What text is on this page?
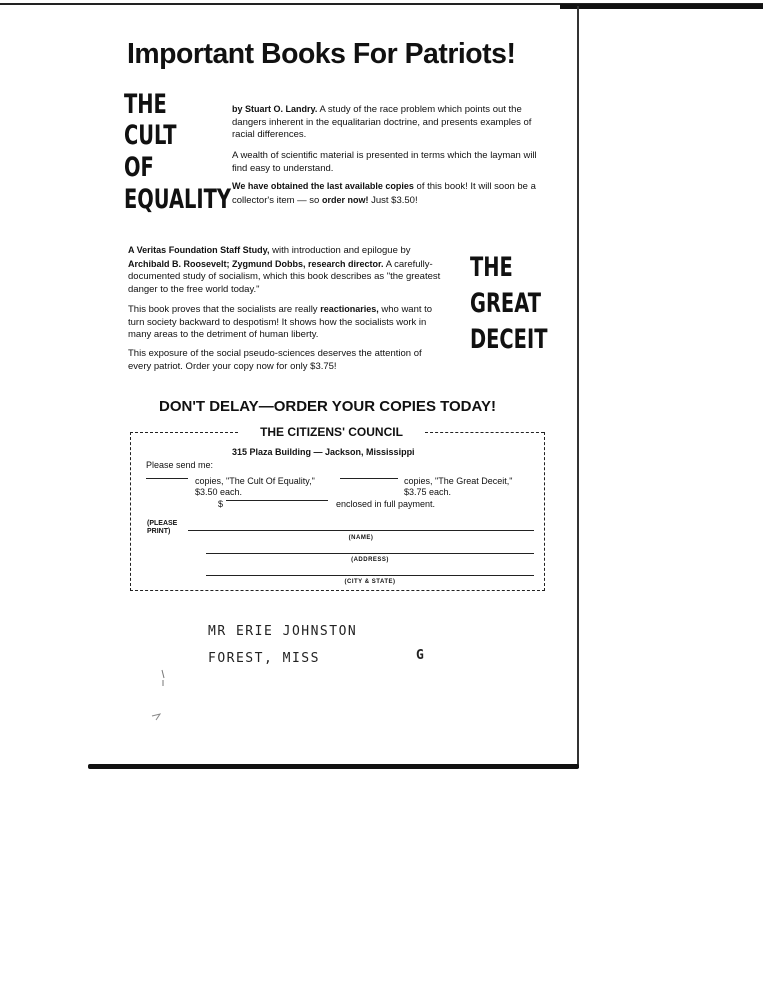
Important Books For Patriots!
THE
CULT
OF
EQUALITY
by Stuart O. Landry. A study of the race problem which points out the dangers inherent in the equalitarian doctrine, and presents examples of racial differences.
A wealth of scientific material is presented in terms which the layman will find easy to understand.
We have obtained the last available copies of this book! It will soon be a collector's item — so order now! Just $3.50!
A Veritas Foundation Staff Study, with introduction and epilogue by Archibald B. Roosevelt; Zygmund Dobbs, research director. A carefully-documented study of socialism, which this book describes as "the greatest danger to the free world today."
This book proves that the socialists are really reactionaries, who want to turn society backward to despotism! It shows how the socialists work in many areas to the detriment of human liberty.
This exposure of the social pseudo-sciences deserves the attention of every patriot. Order your copy now for only $3.75!
THE
GREAT
DECEIT
DON'T DELAY—ORDER YOUR COPIES TODAY!
THE CITIZENS' COUNCIL
315 Plaza Building — Jackson, Mississippi
Please send me:
copies, "The Cult Of Equality," $3.50 each.
copies, "The Great Deceit," $3.75 each.
$	enclosed in full payment.
(PLEASE PRINT)
(NAME)
(ADDRESS)
(CITY & STATE)
MR ERIE JOHNSTON
FOREST, MISS	G
